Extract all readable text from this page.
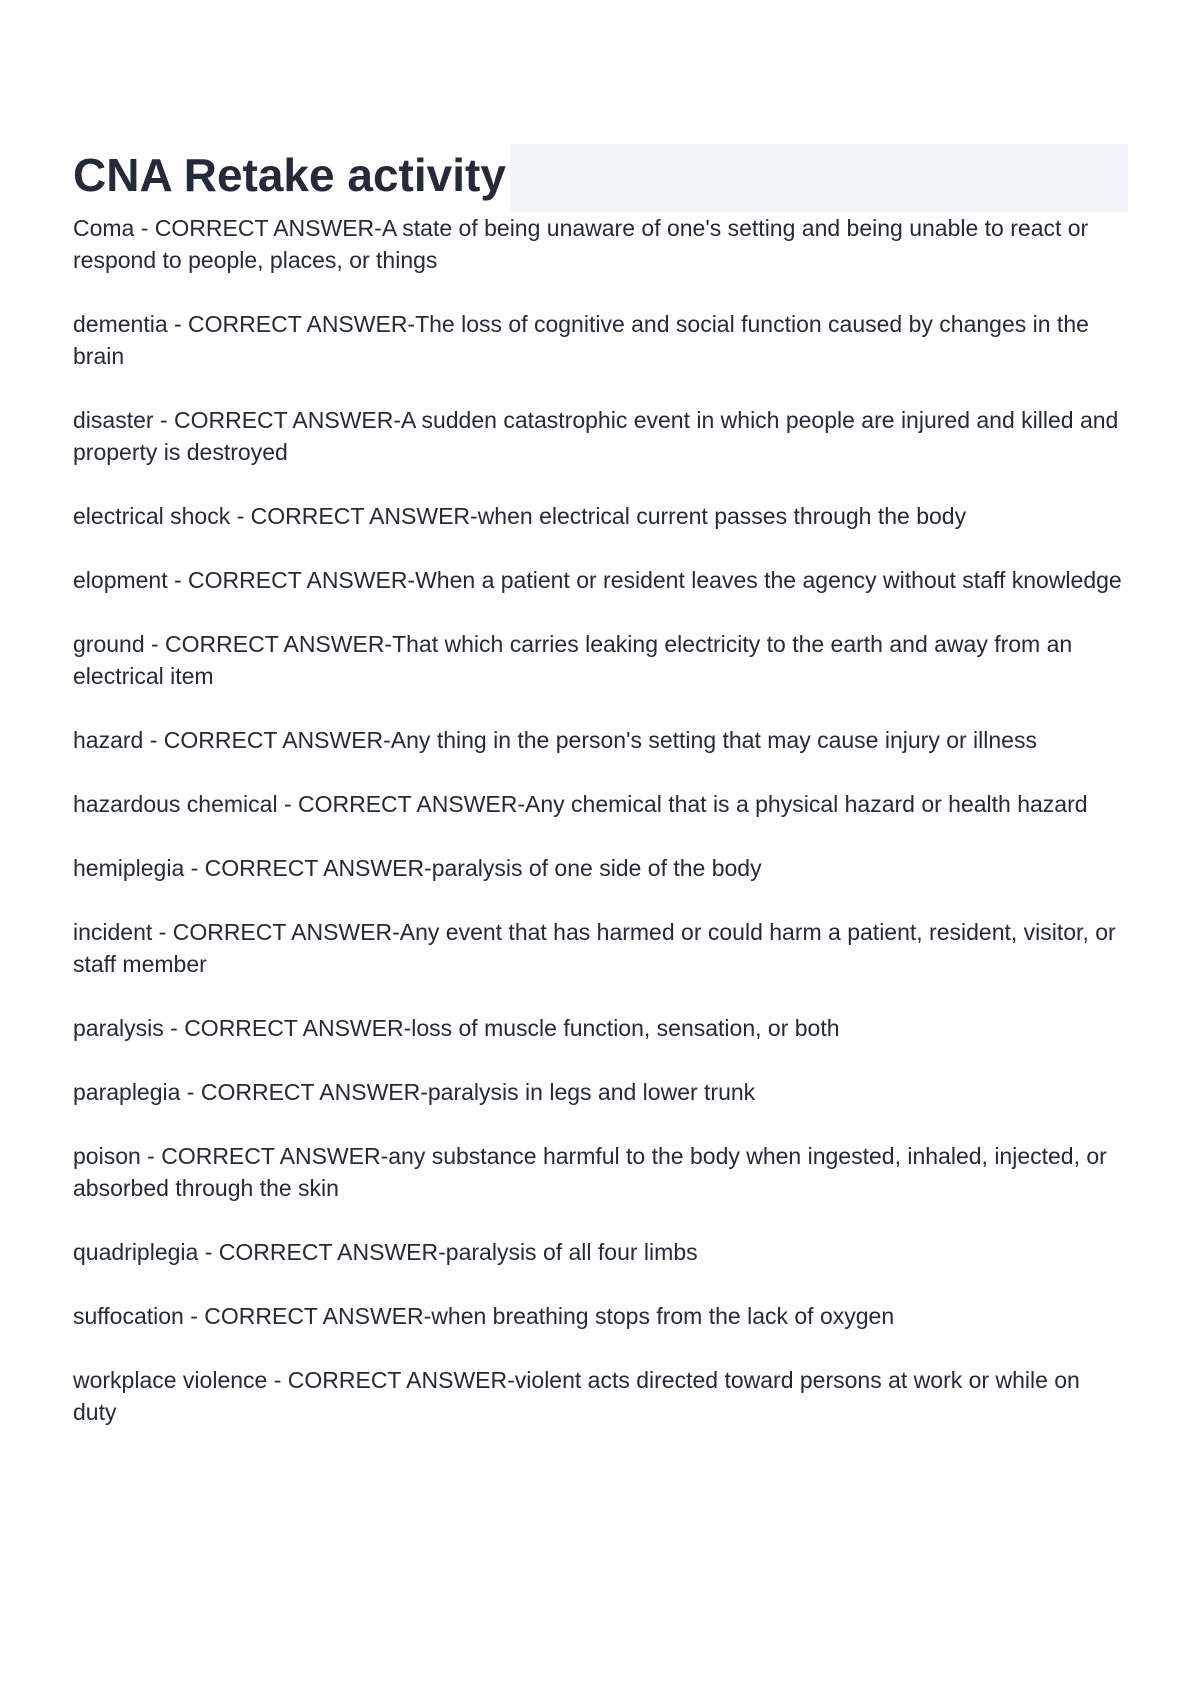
CNA Retake activity

Coma - CORRECT ANSWER-A state of being unaware of one's setting and being unable to react or respond to people, places, or things

dementia - CORRECT ANSWER-The loss of cognitive and social function caused by changes in the brain

disaster - CORRECT ANSWER-A sudden catastrophic event in which people are injured and killed and property is destroyed

electrical shock - CORRECT ANSWER-when electrical current passes through the body

elopment - CORRECT ANSWER-When a patient or resident leaves the agency without staff knowledge

ground - CORRECT ANSWER-That which carries leaking electricity to the earth and away from an electrical item

hazard - CORRECT ANSWER-Any thing in the person's setting that may cause injury or illness

hazardous chemical - CORRECT ANSWER-Any chemical that is a physical hazard or health hazard

hemiplegia - CORRECT ANSWER-paralysis of one side of the body

incident - CORRECT ANSWER-Any event that has harmed or could harm a patient, resident, visitor, or staff member

paralysis - CORRECT ANSWER-loss of muscle function, sensation, or both

paraplegia - CORRECT ANSWER-paralysis in legs and lower trunk

poison - CORRECT ANSWER-any substance harmful to the body when ingested, inhaled, injected, or absorbed through the skin

quadriplegia - CORRECT ANSWER-paralysis of all four limbs

suffocation - CORRECT ANSWER-when breathing stops from the lack of oxygen

workplace violence - CORRECT ANSWER-violent acts directed toward persons at work or while on duty
